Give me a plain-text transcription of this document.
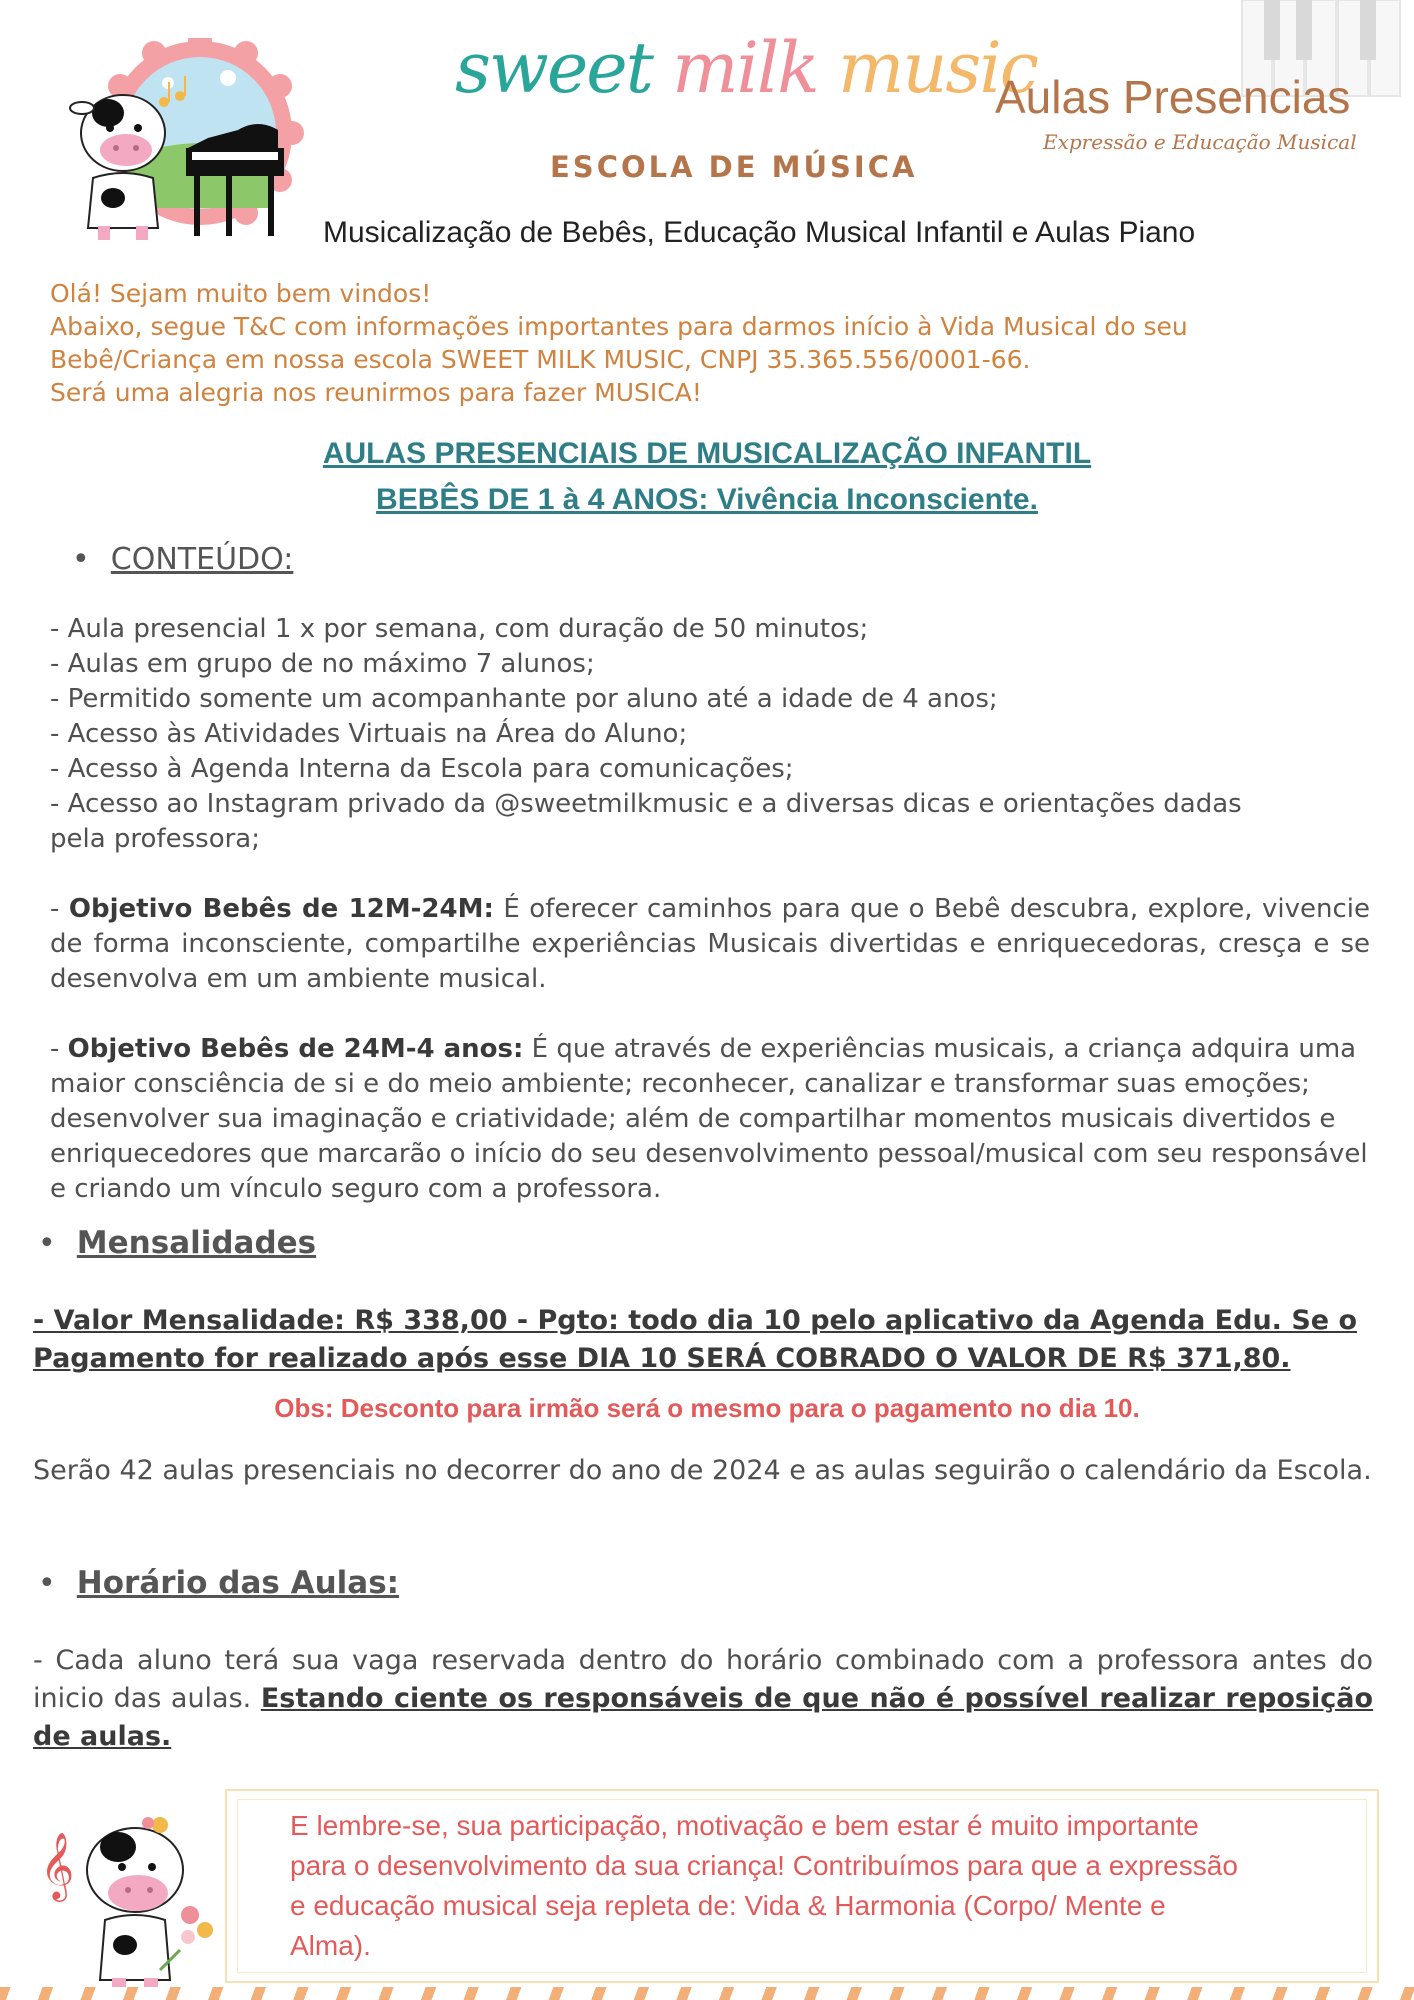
sweet milk music
ESCOLA DE MÚSICA
Aulas Presencias
Expressão e Educação Musical
Musicalização de Bebês, Educação Musical Infantil e Aulas Piano
Olá! Sejam muito bem vindos!
Abaixo, segue T&C com informações importantes para darmos início à Vida Musical do seu
Bebê/Criança em nossa escola SWEET MILK MUSIC, CNPJ 35.365.556/0001-66.
Será uma alegria nos reunirmos para fazer MUSICA!
AULAS PRESENCIAIS DE MUSICALIZAÇÃO INFANTIL
BEBÊS DE 1 à 4 ANOS: Vivência Inconsciente.
• CONTEÚDO:
- Aula presencial 1 x por semana, com duração de 50 minutos;
- Aulas em grupo de no máximo 7 alunos;
- Permitido somente um acompanhante por aluno até a idade de 4 anos;
- Acesso às Atividades Virtuais na Área do Aluno;
- Acesso à Agenda Interna da Escola para comunicações;
- Acesso ao Instagram privado da @sweetmilkmusic e a diversas dicas e orientações dadas
pela professora;
- Objetivo Bebês de 12M-24M: É oferecer caminhos para que o Bebê descubra, explore, vivencie de forma inconsciente, compartilhe experiências Musicais divertidas e enriquecedoras, cresça e se desenvolva em um ambiente musical.
- Objetivo Bebês de 24M-4 anos: É que através de experiências musicais, a criança adquira uma maior consciência de si e do meio ambiente; reconhecer, canalizar e transformar suas emoções; desenvolver sua imaginação e criatividade; além de compartilhar momentos musicais divertidos e enriquecedores que marcarão o início do seu desenvolvimento pessoal/musical com seu responsável e criando um vínculo seguro com a professora.
• Mensalidades
- Valor Mensalidade: R$ 338,00 - Pgto: todo dia 10 pelo aplicativo da Agenda Edu. Se o
Pagamento for realizado após esse DIA 10 SERÁ COBRADO O VALOR DE R$ 371,80.
Obs: Desconto para irmão será o mesmo para o pagamento no dia 10.
Serão 42 aulas presenciais no decorrer do ano de 2024 e as aulas seguirão o calendário da Escola.
• Horário das Aulas:
- Cada aluno terá sua vaga reservada dentro do horário combinado com a professora antes do inicio das aulas. Estando ciente os responsáveis de que não é possível realizar reposição de aulas.
𝄞
E lembre-se, sua participação, motivação e bem estar é muito importante
para o desenvolvimento da sua criança! Contribuímos para que a expressão
e educação musical seja repleta de: Vida & Harmonia (Corpo/ Mente e
Alma).
